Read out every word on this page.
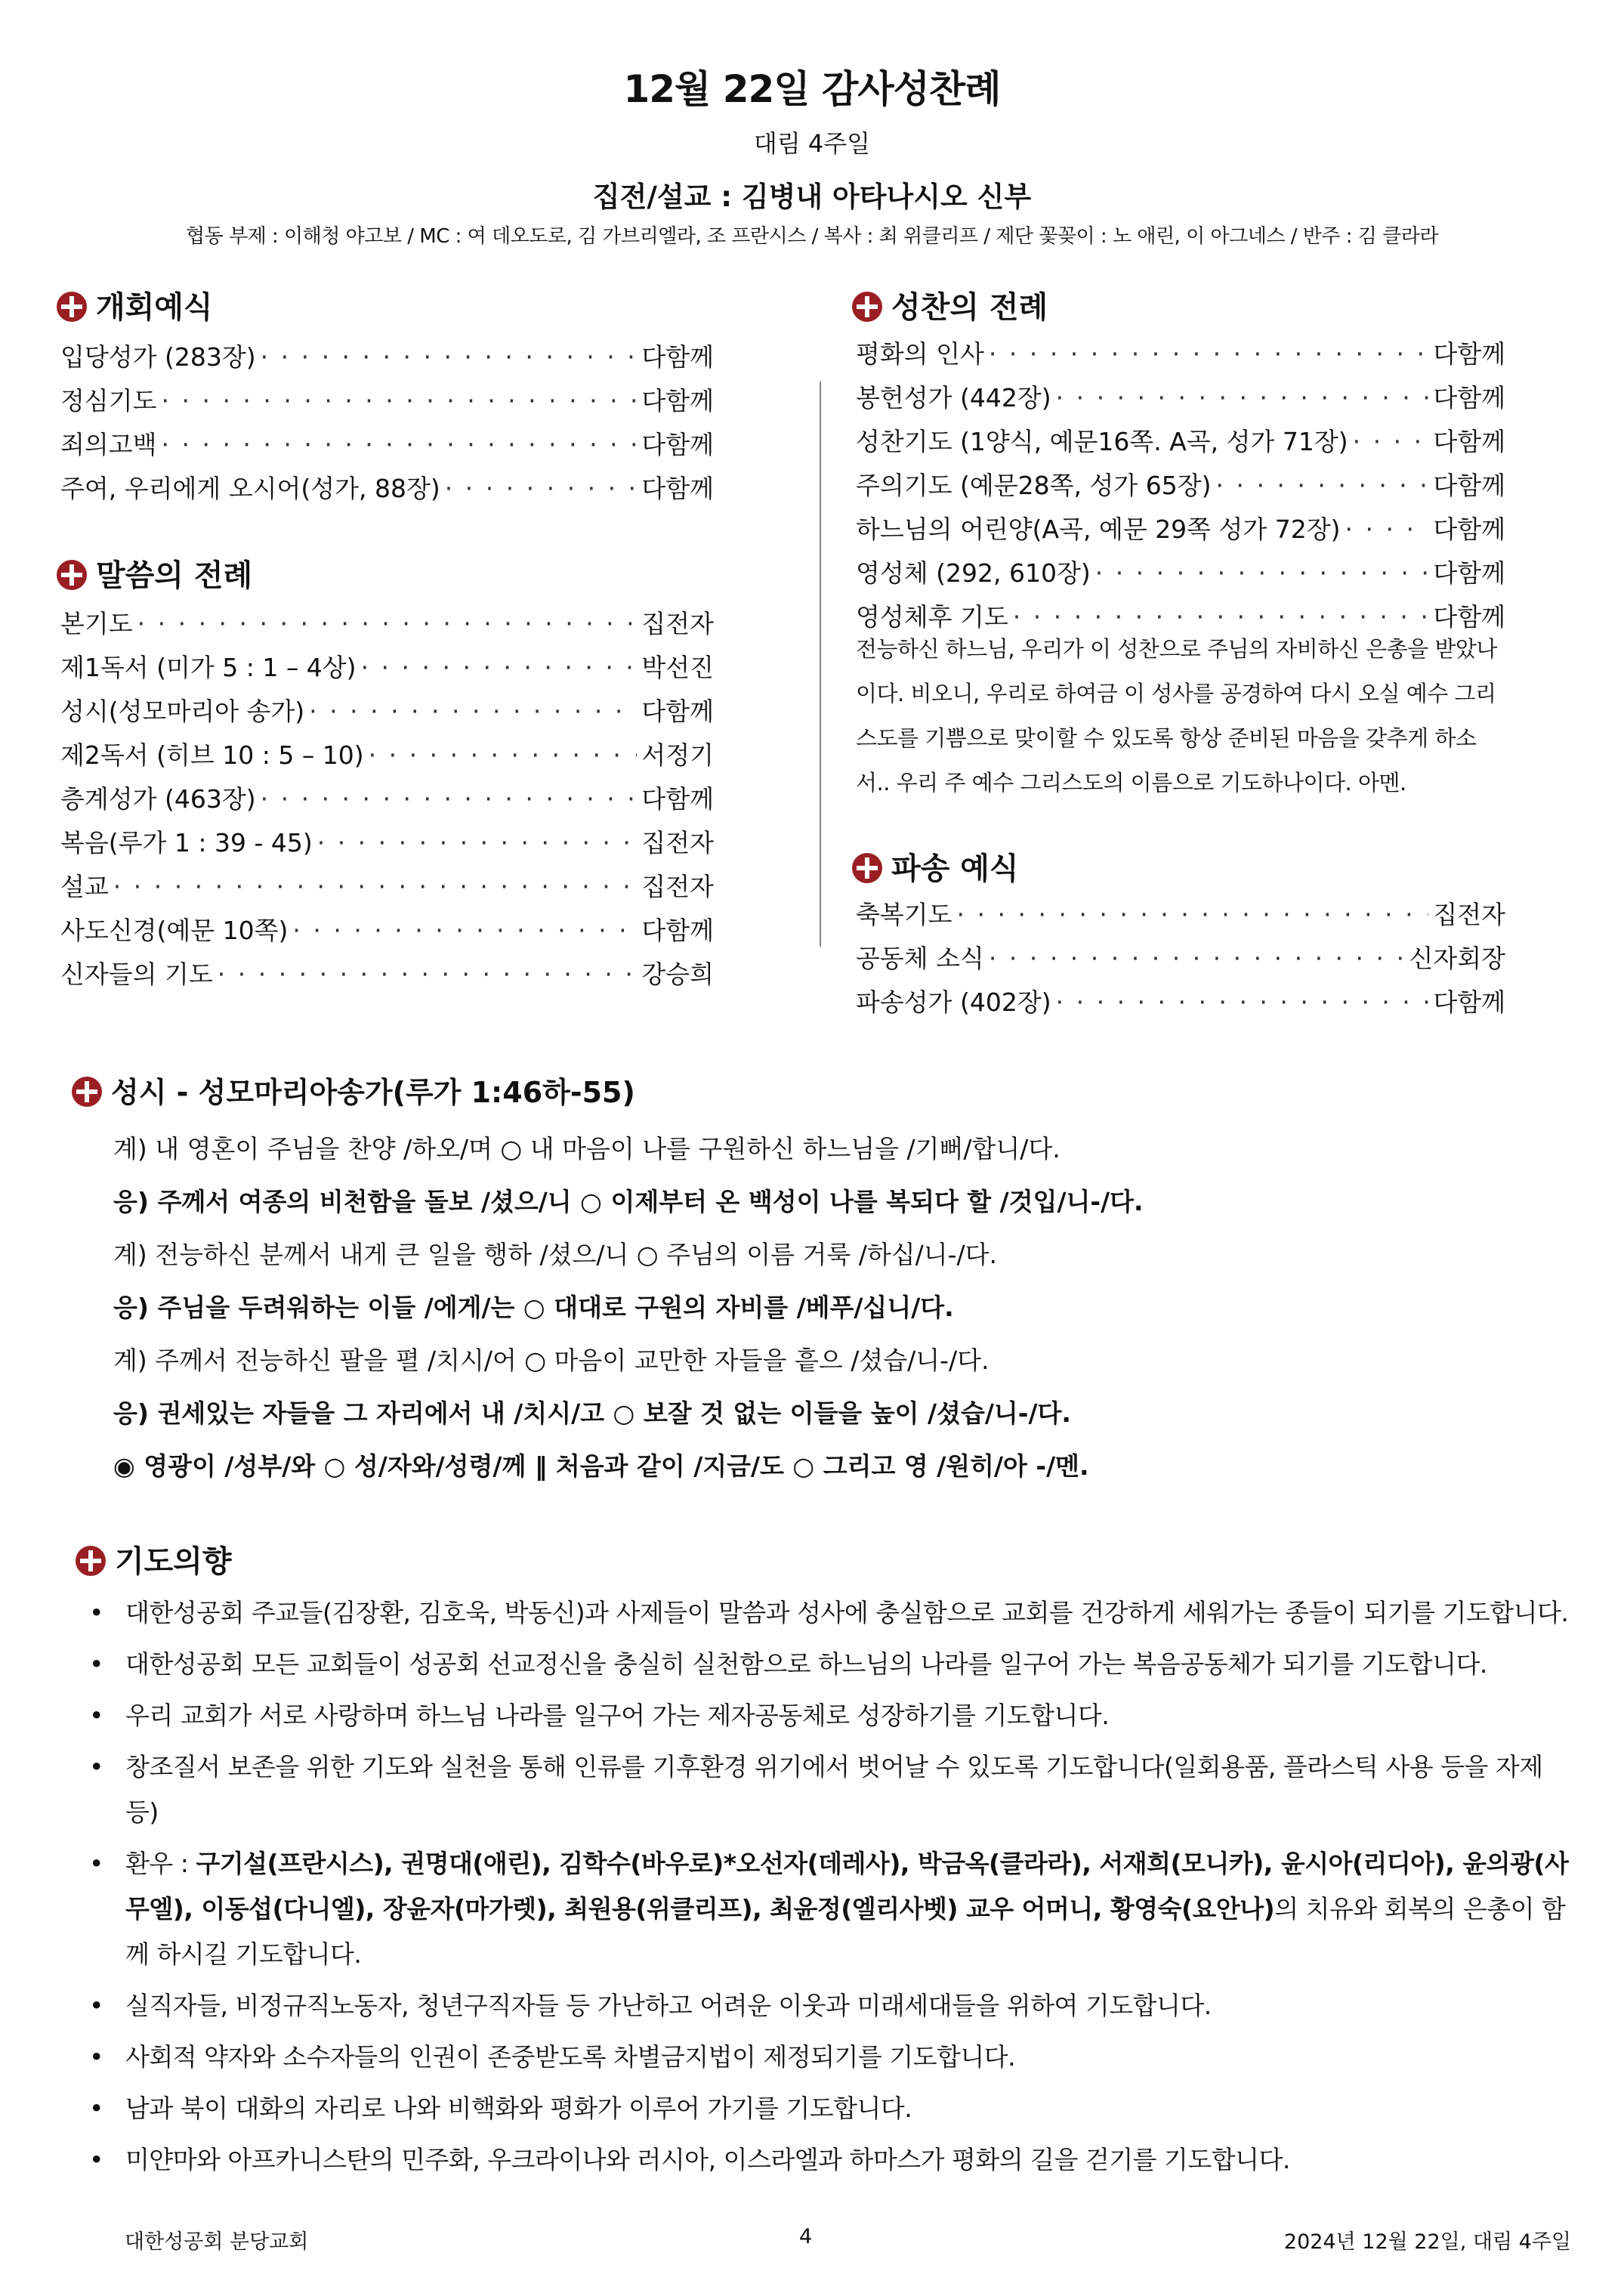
12월 22일 감사성찬례
대림 4주일
집전/설교 : 김병내 아타나시오 신부
협동 부제 : 이해청 야고보 / MC : 여 데오도로, 김 가브리엘라, 조 프란시스 / 복사 : 최 위클리프 / 제단 꽃꽂이 : 노 애린, 이 아그네스 / 반주 : 김 클라라
개회예식
입당성가 (283장) · · ·	다함께
정심기도 · · ·	다함께
죄의고백 · · ·	다함께
주여, 우리에게 오시어(성가, 88장) · · ·	다함께
말씀의 전례
본기도 · · ·	집전자
제1독서 (미가 5 : 1 – 4상) · · ·	박선진
성시(성모마리아 송가) · · ·	다함께
제2독서 (히브 10 : 5 – 10) · · ·	서정기
층계성가 (463장) · · ·	다함께
복음(루가 1 : 39 - 45) · · ·	집전자
설교 · · ·	집전자
사도신경(예문 10쪽) · · ·	다함께
신자들의 기도 · · ·	강승희
성찬의 전례
평화의 인사 · · ·	다함께
봉헌성가 (442장) · · ·	다함께
성찬기도 (1양식, 예문16쪽. A곡, 성가 71장) · · ·	다함께
주의기도 (예문28쪽, 성가 65장) · · ·	다함께
하느님의 어린양(A곡, 예문 29쪽 성가 72장) · · ·	다함께
영성체 (292, 610장) · · ·	다함께
영성체후 기도 · · ·	다함께
전능하신 하느님, 우리가 이 성찬으로 주님의 자비하신 은총을 받았나
이다. 비오니, 우리로 하여금 이 성사를 공경하여 다시 오실 예수 그리
스도를 기쁨으로 맞이할 수 있도록 항상 준비된 마음을 갖추게 하소
서.. 우리 주 예수 그리스도의 이름으로 기도하나이다. 아멘.
파송 예식
축복기도 · · ·	집전자
공동체 소식 · · ·	신자회장
파송성가 (402장) · · ·	다함께
성시 - 성모마리아송가(루가 1:46하-55)
계) 내 영혼이 주님을 찬양 /하오/며 ○ 내 마음이 나를 구원하신 하느님을 /기뻐/합니/다.
응) 주께서 여종의 비천함을 돌보 /셨으/니 ○ 이제부터 온 백성이 나를 복되다 할 /것입/니-/다.
계) 전능하신 분께서 내게 큰 일을 행하 /셨으/니 ○ 주님의 이름 거룩 /하십/니-/다.
응) 주님을 두려워하는 이들 /에게/는 ○ 대대로 구원의 자비를 /베푸/십니/다.
계) 주께서 전능하신 팔을 펼 /치시/어 ○ 마음이 교만한 자들을 흩으 /셨습/니-/다.
응) 권세있는 자들을 그 자리에서 내 /치시/고 ○ 보잘 것 없는 이들을 높이 /셨습/니-/다.
◉ 영광이 /성부/와 ○ 성/자와/성령/께 ‖ 처음과 같이 /지금/도 ○ 그리고 영 /원히/아 -/멘.
기도의향
• 대한성공회 주교들(김장환, 김호욱, 박동신)과 사제들이 말씀과 성사에 충실함으로 교회를 건강하게 세워가는 종들이 되기를 기도합니다.
• 대한성공회 모든 교회들이 성공회 선교정신을 충실히 실천함으로 하느님의 나라를 일구어 가는 복음공동체가 되기를 기도합니다.
• 우리 교회가 서로 사랑하며 하느님 나라를 일구어 가는 제자공동체로 성장하기를 기도합니다.
• 창조질서 보존을 위한 기도와 실천을 통해 인류를 기후환경 위기에서 벗어날 수 있도록 기도합니다(일회용품, 플라스틱 사용 등을 자제 등)
• 환우 : 구기설(프란시스), 권명대(애린), 김학수(바우로)*오선자(데레사), 박금옥(클라라), 서재희(모니카), 윤시아(리디아), 윤의광(사무엘), 이동섭(다니엘), 장윤자(마가렛), 최원용(위클리프), 최윤정(엘리사벳) 교우 어머니, 황영숙(요안나)의 치유와 회복의 은총이 함께 하시길 기도합니다.
• 실직자들, 비정규직노동자, 청년구직자들 등 가난하고 어려운 이웃과 미래세대들을 위하여 기도합니다.
• 사회적 약자와 소수자들의 인권이 존중받도록 차별금지법이 제정되기를 기도합니다.
• 남과 북이 대화의 자리로 나와 비핵화와 평화가 이루어 가기를 기도합니다.
• 미얀마와 아프카니스탄의 민주화, 우크라이나와 러시아, 이스라엘과 하마스가 평화의 길을 걷기를 기도합니다.
대한성공회 분당교회	4	2024년 12월 22일, 대림 4주일
